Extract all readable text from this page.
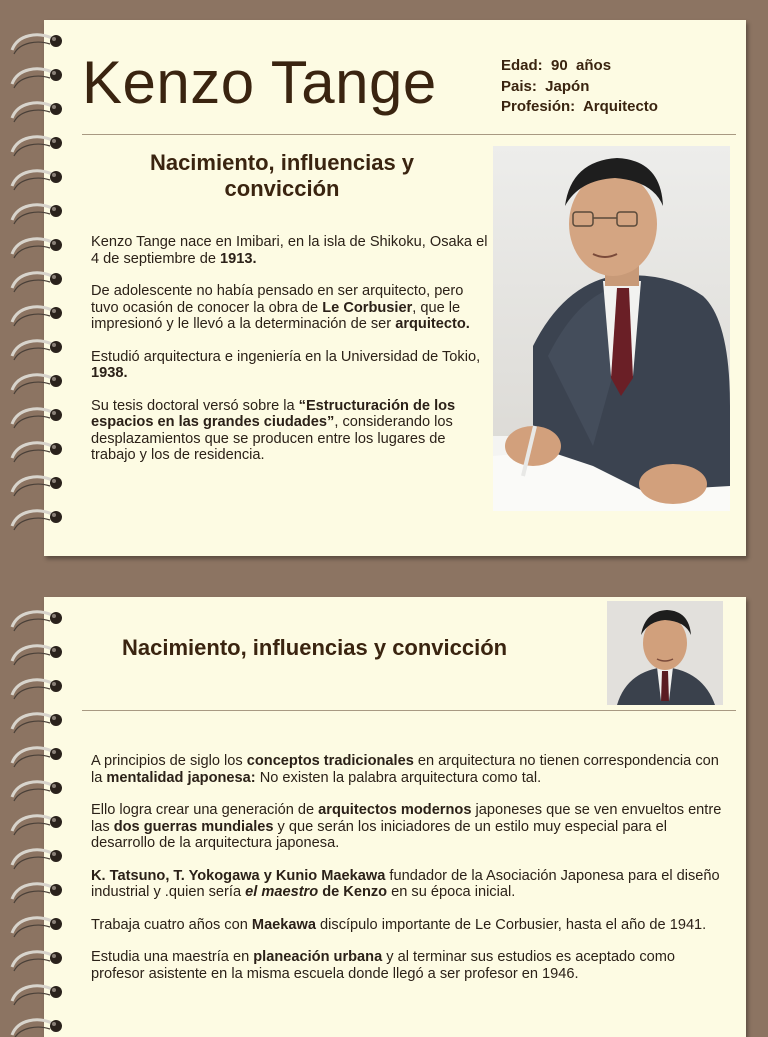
Kenzo Tange	Edad:  90  años
Pais:  Japón
Profesión:  Arquitecto
Nacimiento, influencias y
convicción

Kenzo Tange nace en Imibari, en la isla de Shikoku, Osaka el 4 de septiembre de 1913.

De adolescente no había pensado en ser arquitecto, pero tuvo ocasión de conocer la obra de Le Corbusier, que le impresionó y le llevó a la determinación de ser arquitecto.

Estudió arquitectura e ingeniería en la Universidad de Tokio, 1938.

Su tesis doctoral versó sobre la “Estructuración de los espacios en las grandes ciudades”, considerando los desplazamientos que se producen entre los lugares de trabajo y los de residencia.

Nacimiento, influencias y convicción

A principios de siglo los conceptos tradicionales en arquitectura no tienen correspondencia con la mentalidad japonesa: No existen la palabra arquitectura como tal.

Ello logra crear una generación de arquitectos modernos japoneses que se ven envueltos entre las dos guerras mundiales y que serán los iniciadores de un estilo muy especial para el desarrollo de la arquitectura japonesa.

K. Tatsuno, T. Yokogawa y Kunio Maekawa fundador de la Asociación Japonesa para el diseño industrial y .quien sería el maestro de Kenzo en su época inicial.

Trabaja cuatro años con Maekawa discípulo importante de Le Corbusier, hasta el año de 1941.

Estudia una maestría en planeación urbana y al terminar sus estudios es aceptado como profesor asistente en la misma escuela donde llegó a ser profesor en 1946.
